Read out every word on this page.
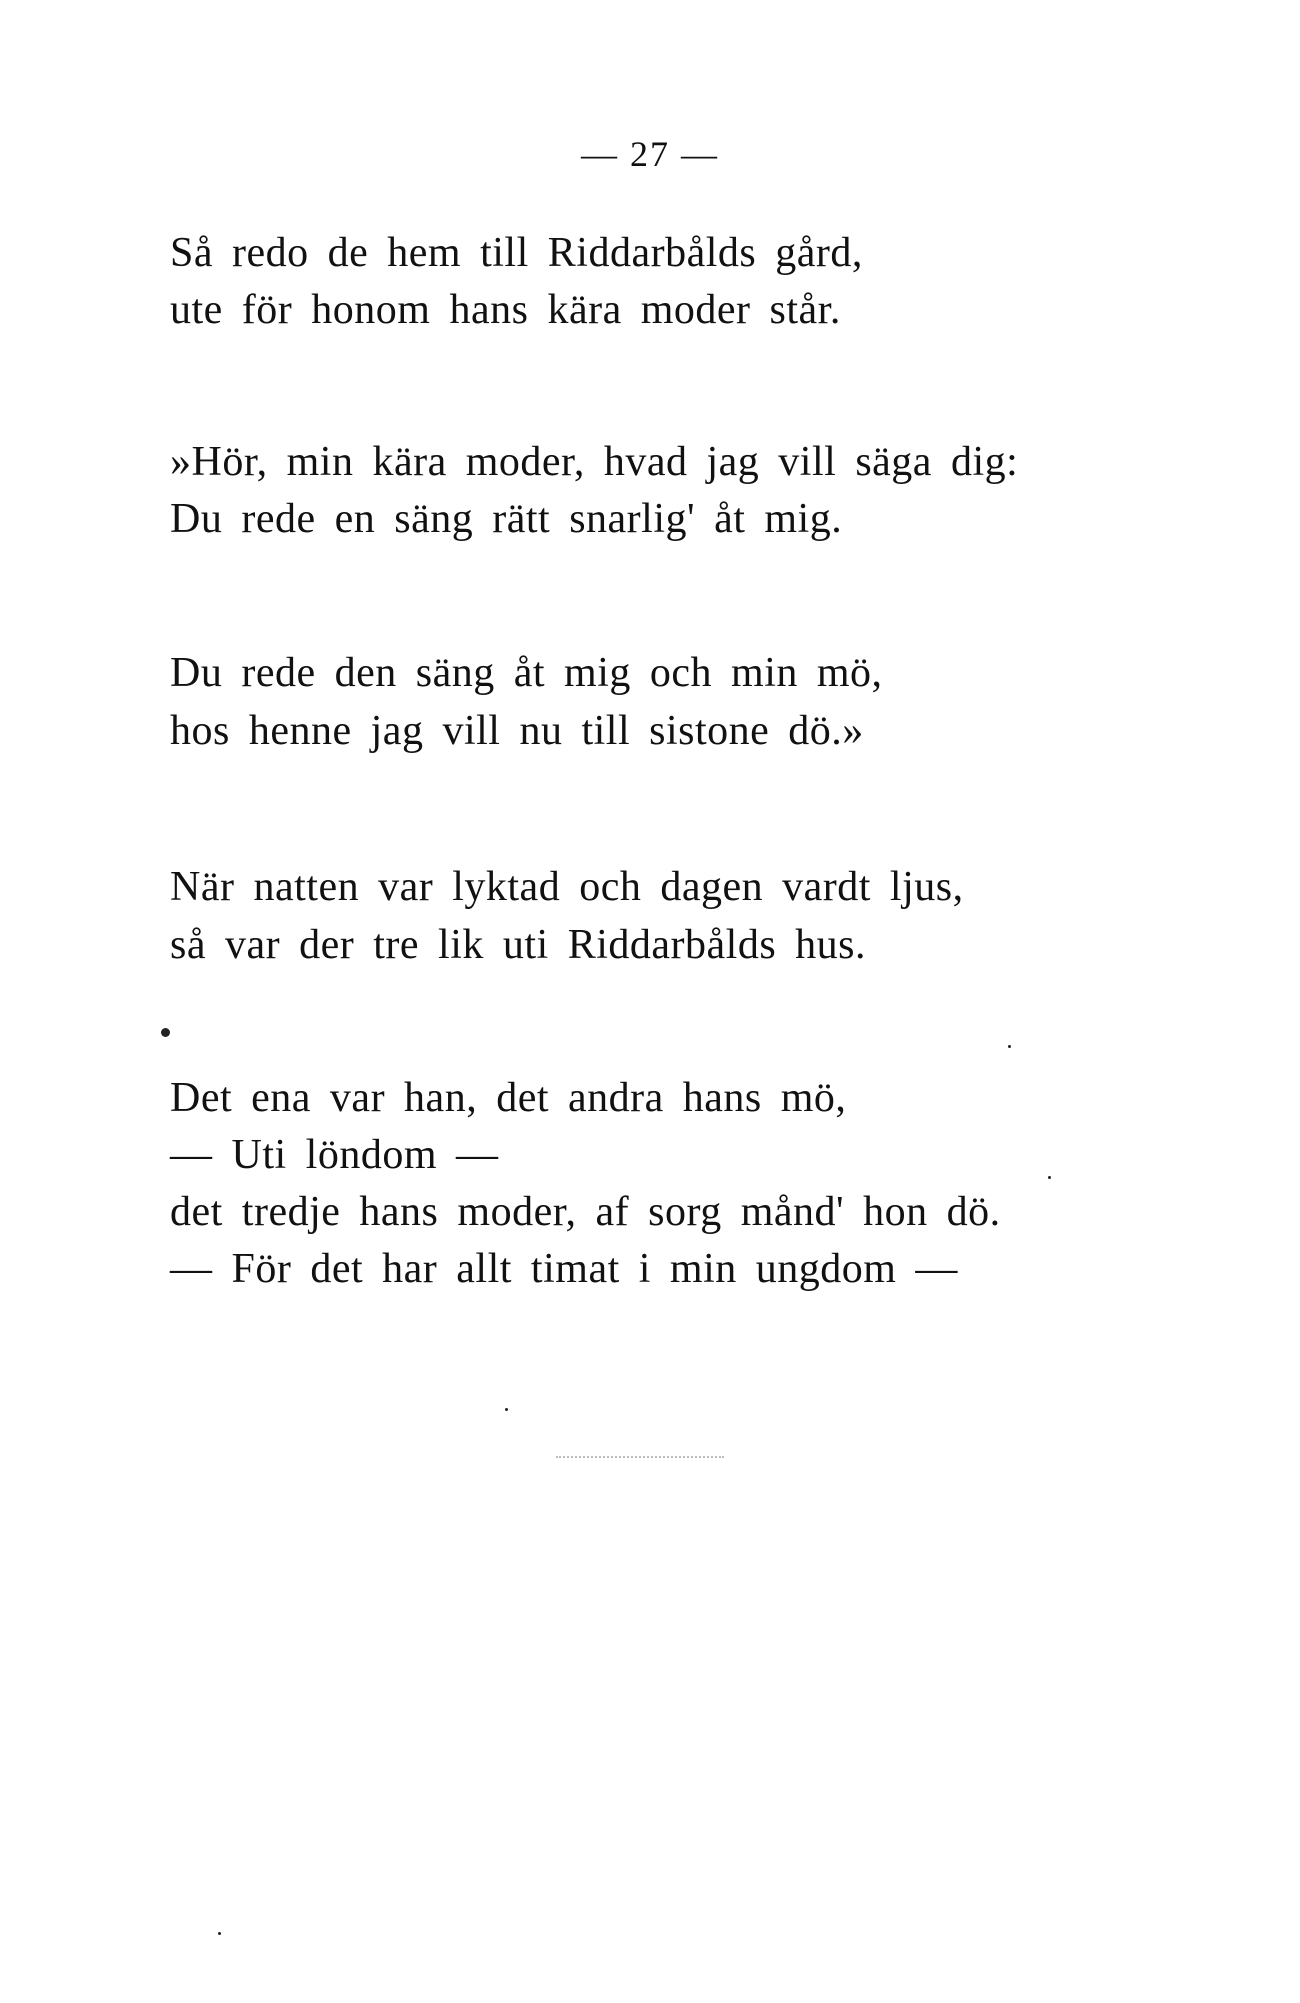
— 27 —
Så redo de hem till Riddarbålds gård,
ute för honom hans kära moder står.
»Hör, min kära moder, hvad jag vill säga dig:
Du rede en säng rätt snarlig' åt mig.
Du rede den säng åt mig och min mö,
hos henne jag vill nu till sistone dö.»
När natten var lyktad och dagen vardt ljus,
så var der tre lik uti Riddarbålds hus.
Det ena var han, det andra hans mö,
— Uti löndom —
det tredje hans moder, af sorg månd' hon dö.
— För det har allt timat i min ungdom —
